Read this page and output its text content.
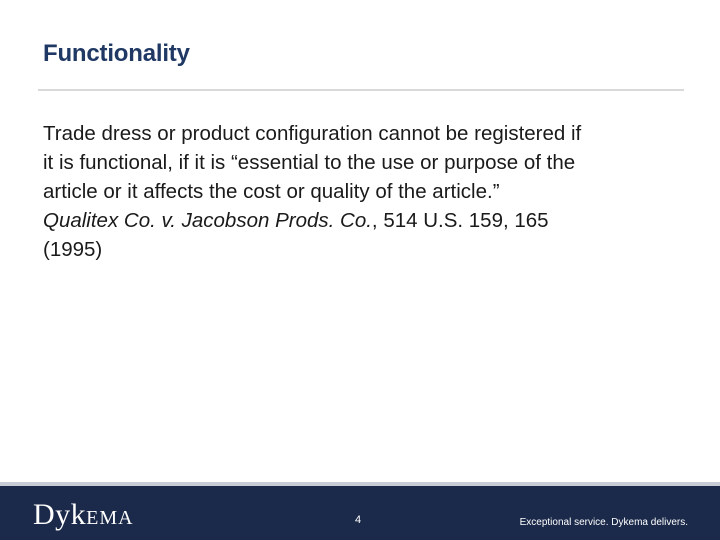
Functionality
Trade dress or product configuration cannot be registered if
it is functional, if it is “essential to the use or purpose of the
article or it affects the cost or quality of the article.”
Qualitex Co. v. Jacobson Prods. Co., 514 U.S. 159, 165
(1995)
DykEMA	4	Exceptional service. Dykema delivers.
